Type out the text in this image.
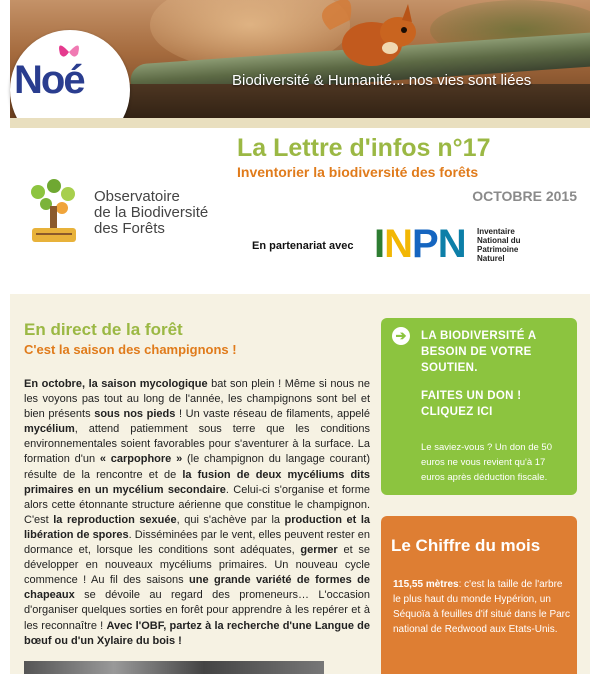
Biodiversité & Humanité... nos vies sont liées
Noé
La Lettre d'infos n°17
Inventorier la biodiversité des forêts
OCTOBRE 2015
Observatoire
de la Biodiversité
des Forêts
En partenariat avec INPN Inventaire
National du
Patrimoine
Naturel
En direct de la forêt
C'est la saison des champignons !
En octobre, la saison mycologique bat son plein ! Même si nous ne les voyons pas tout au long de l'année, les champignons sont bel et bien présents sous nos pieds ! Un vaste réseau de filaments, appelé mycélium, attend patiemment sous terre que les conditions environnementales soient favorables pour s'aventurer à la surface. La formation d'un « carpophore » (le champignon du langage courant) résulte de la rencontre et de la fusion de deux mycéliums dits primaires en un mycélium secondaire. Celui-ci s'organise et forme alors cette étonnante structure aérienne que constitue le champignon. C'est la reproduction sexuée, qui s'achève par la production et la libération de spores. Disséminées par le vent, elles peuvent rester en dormance et, lorsque les conditions sont adéquates, germer et se développer en nouveaux mycéliums primaires. Un nouveau cycle commence ! Au fil des saisons une grande variété de formes de chapeaux se dévoile au regard des promeneurs… L'occasion d'organiser quelques sorties en forêt pour apprendre à les repérer et à les reconnaître ! Avec l'OBF, partez à la recherche d'une Langue de bœuf ou d'un Xylaire du bois !
➔	LA BIODIVERSITÉ A BESOIN DE VOTRE SOUTIEN.
FAITES UN DON ! CLIQUEZ ICI
Le saviez-vous ? Un don de 50 euros ne vous revient qu'à 17 euros après déduction fiscale.
Le Chiffre du mois
115,55 mètres: c'est la taille de l'arbre le plus haut du monde Hypérion, un Séquoïa à feuilles d'if situé dans le Parc national de Redwood aux Etats-Unis.
